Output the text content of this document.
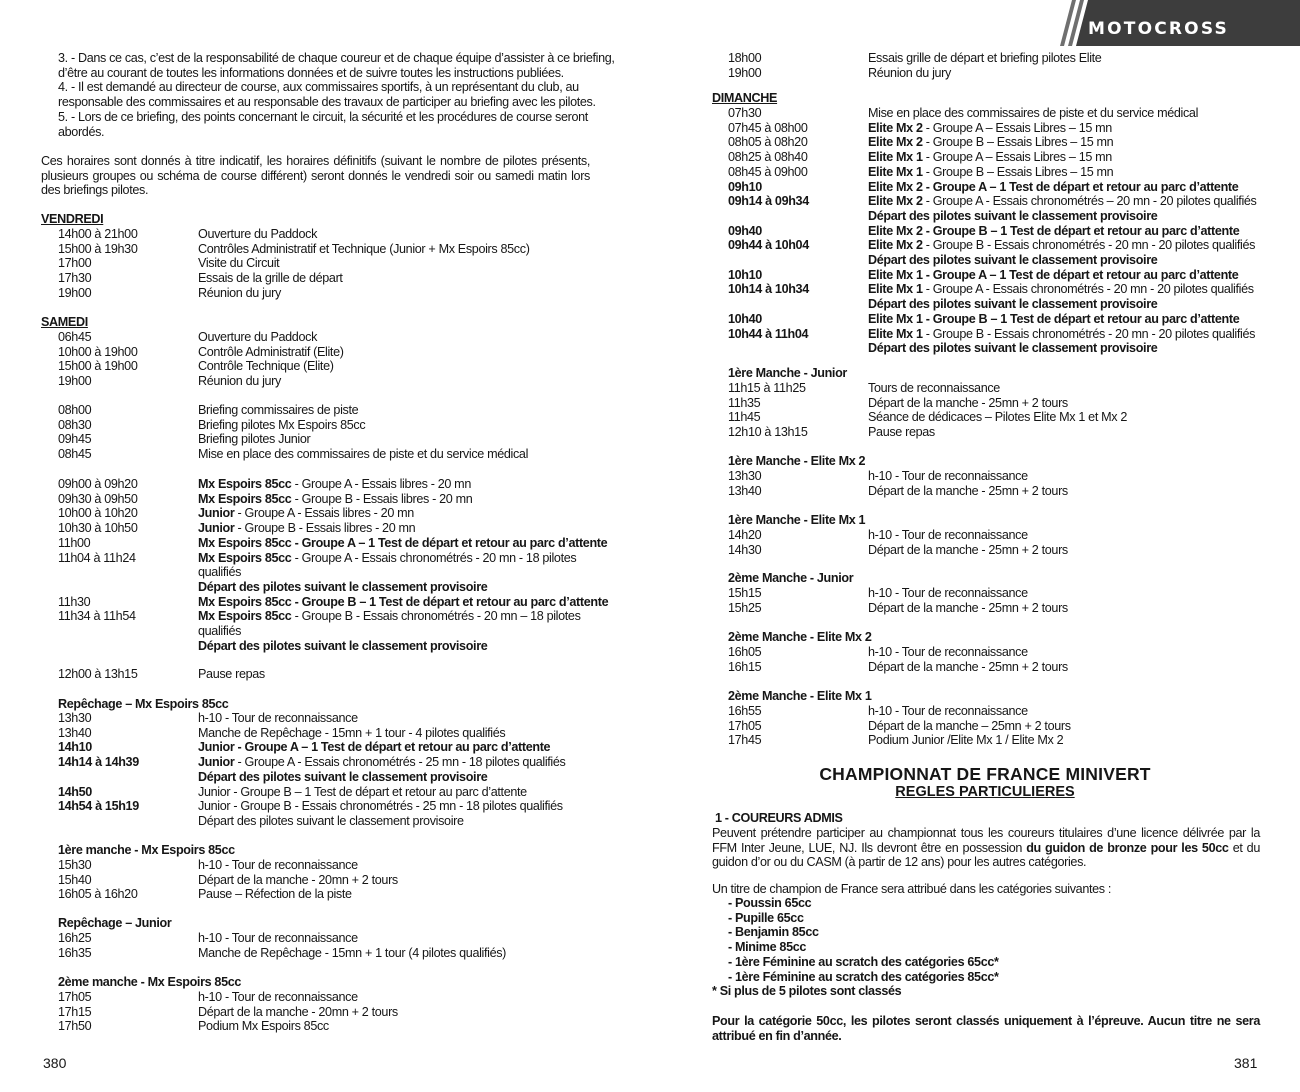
MOTOCROSS
3. - Dans ce cas, c’est de la responsabilité de chaque coureur et de chaque équipe d’assister à ce briefing,
d’être au courant de toutes les informations données et de suivre toutes les instructions publiées.
4. - Il est demandé au directeur de course, aux commissaires sportifs, à un représentant du club, au
responsable des commissaires et au responsable des travaux de participer au briefing avec les pilotes.
5. - Lors de ce briefing, des points concernant le circuit, la sécurité et les procédures de course seront
abordés.
Ces horaires sont donnés à titre indicatif, les horaires définitifs (suivant le nombre de pilotes présents, plusieurs groupes ou schéma de course différent) seront donnés le vendredi soir ou samedi matin lors des briefings pilotes.
VENDREDI
14h00 à 21h00	Ouverture du Paddock
15h00 à 19h30	Contrôles Administratif et Technique (Junior + Mx Espoirs 85cc)
17h00	Visite du Circuit
17h30	Essais de la grille de départ
19h00	Réunion du jury
SAMEDI
06h45	Ouverture du Paddock
10h00 à 19h00	Contrôle Administratif (Elite)
15h00 à 19h00	Contrôle Technique (Elite)
19h00	Réunion du jury
08h00	Briefing commissaires de piste
08h30	Briefing pilotes Mx Espoirs 85cc
09h45	Briefing pilotes Junior
08h45	Mise en place des commissaires de piste et du service médical
09h00 à 09h20	Mx Espoirs 85cc - Groupe A - Essais libres - 20 mn
09h30 à 09h50	Mx Espoirs 85cc - Groupe B - Essais libres - 20 mn
10h00 à 10h20	Junior - Groupe A - Essais libres - 20 mn
10h30 à 10h50	Junior - Groupe B - Essais libres - 20 mn
11h00	Mx Espoirs 85cc - Groupe A – 1 Test de départ et retour au parc d’attente
11h04 à 11h24	Mx Espoirs 85cc - Groupe A - Essais chronométrés - 20 mn - 18 pilotes
qualifiés
Départ des pilotes suivant le classement provisoire
11h30	Mx Espoirs 85cc - Groupe B – 1 Test de départ et retour au parc d’attente
11h34 à 11h54	Mx Espoirs 85cc - Groupe B - Essais chronométrés - 20 mn – 18 pilotes
qualifiés
Départ des pilotes suivant le classement provisoire
12h00 à 13h15	Pause repas
Repêchage – Mx Espoirs 85cc
13h30	h-10 - Tour de reconnaissance
13h40	Manche de Repêchage - 15mn + 1 tour - 4 pilotes qualifiés
14h10	Junior - Groupe A – 1 Test de départ et retour au parc d’attente
14h14 à 14h39	Junior - Groupe A - Essais chronométrés - 25 mn - 18 pilotes qualifiés
Départ des pilotes suivant le classement provisoire
14h50	Junior - Groupe B – 1 Test de départ et retour au parc d’attente
14h54 à 15h19	Junior - Groupe B - Essais chronométrés - 25 mn - 18 pilotes qualifiés
Départ des pilotes suivant le classement provisoire
1ère manche - Mx Espoirs 85cc
15h30	h-10 - Tour de reconnaissance
15h40	Départ de la manche - 20mn + 2 tours
16h05 à 16h20	Pause – Réfection de la piste
Repêchage – Junior
16h25	h-10 - Tour de reconnaissance
16h35	Manche de Repêchage - 15mn + 1 tour (4 pilotes qualifiés)
2ème manche - Mx Espoirs 85cc
17h05	h-10 - Tour de reconnaissance
17h15	Départ de la manche - 20mn + 2 tours
17h50	Podium Mx Espoirs 85cc
380
18h00	Essais grille de départ et briefing pilotes Elite
19h00	Réunion du jury
DIMANCHE
07h30	Mise en place des commissaires de piste et du service médical
07h45 à 08h00	Elite Mx 2 - Groupe A – Essais Libres – 15 mn
08h05 à 08h20	Elite Mx 2 - Groupe B – Essais Libres – 15 mn
08h25 à 08h40	Elite Mx 1 - Groupe A – Essais Libres – 15 mn
08h45 à 09h00	Elite Mx 1 - Groupe B – Essais Libres – 15 mn
09h10	Elite Mx 2 - Groupe A – 1 Test de départ et retour au parc d’attente
09h14 à 09h34	Elite Mx 2 - Groupe A - Essais chronométrés – 20 mn - 20 pilotes qualifiés
Départ des pilotes suivant le classement provisoire
09h40	Elite Mx 2 - Groupe B – 1 Test de départ et retour au parc d’attente
09h44 à 10h04	Elite Mx 2 - Groupe B - Essais chronométrés - 20 mn - 20 pilotes qualifiés
Départ des pilotes suivant le classement provisoire
10h10	Elite Mx 1 - Groupe A – 1 Test de départ et retour au parc d’attente
10h14 à 10h34	Elite Mx 1 - Groupe A - Essais chronométrés - 20 mn - 20 pilotes qualifiés
Départ des pilotes suivant le classement provisoire
10h40	Elite Mx 1 - Groupe B – 1 Test de départ et retour au parc d’attente
10h44 à 11h04	Elite Mx 1 - Groupe B - Essais chronométrés - 20 mn - 20 pilotes qualifiés
Départ des pilotes suivant le classement provisoire
1ère Manche - Junior
11h15 à 11h25	Tours de reconnaissance
11h35	Départ de la manche - 25mn + 2 tours
11h45	Séance de dédicaces – Pilotes Elite Mx 1 et Mx 2
12h10 à 13h15	Pause repas
1ère Manche - Elite Mx 2
13h30	h-10 - Tour de reconnaissance
13h40	Départ de la manche - 25mn + 2 tours
1ère Manche - Elite Mx 1
14h20	h-10 - Tour de reconnaissance
14h30	Départ de la manche - 25mn + 2 tours
2ème Manche - Junior
15h15	h-10 - Tour de reconnaissance
15h25	Départ de la manche - 25mn + 2 tours
2ème Manche - Elite Mx 2
16h05	h-10 - Tour de reconnaissance
16h15	Départ de la manche - 25mn + 2 tours
2ème Manche - Elite Mx 1
16h55	h-10 - Tour de reconnaissance
17h05	Départ de la manche – 25mn + 2 tours
17h45	Podium Junior /Elite Mx 1 / Elite Mx 2
CHAMPIONNAT DE FRANCE MINIVERT
REGLES PARTICULIERES
1 - COUREURS ADMIS
Peuvent prétendre participer au championnat tous les coureurs titulaires d’une licence délivrée par la FFM Inter Jeune, LUE, NJ. Ils devront être en possession du guidon de bronze pour les 50cc et du guidon d’or ou du CASM (à partir de 12 ans) pour les autres catégories.
Un titre de champion de France sera attribué dans les catégories suivantes :
- Poussin 65cc
- Pupille 65cc
- Benjamin 85cc
- Minime 85cc
- 1ère Féminine au scratch des catégories 65cc*
- 1ère Féminine au scratch des catégories 85cc*
* Si plus de 5 pilotes sont classés
Pour la catégorie 50cc, les pilotes seront classés uniquement à l’épreuve. Aucun titre ne sera attribué en fin d’année.
381
